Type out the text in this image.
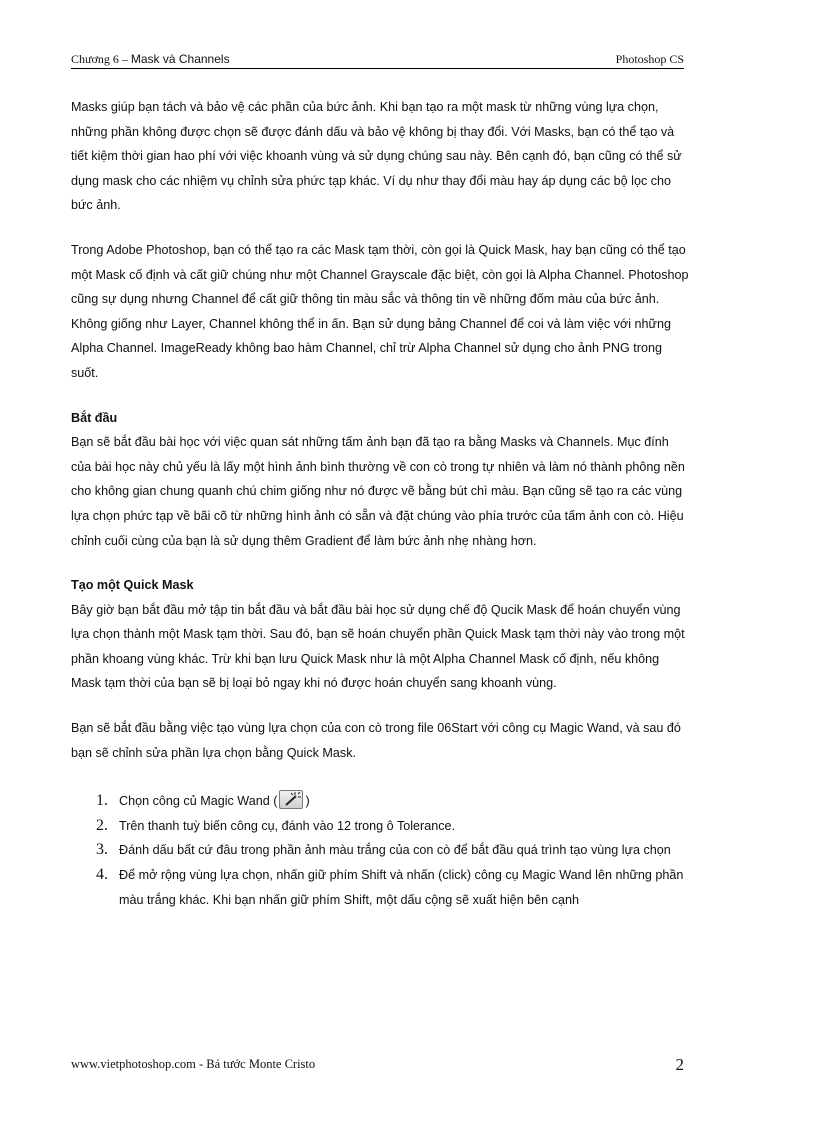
Chương 6 – Mask và Channels	Photoshop CS

Masks giúp bạn tách và bảo vệ các phần của bức ảnh. Khi bạn tạo ra một mask từ những vùng lựa chọn, những phần không được chọn sẽ được đánh dấu và bảo vệ không bị thay đổi. Với Masks, bạn có thể tạo và tiết kiệm thời gian hao phí với việc khoanh vùng và sử dụng chúng sau này. Bên cạnh đó, bạn cũng có thể sử dụng mask cho các nhiệm vụ chỉnh sửa phức tạp khác. Ví dụ như thay đổi màu hay áp dụng các bộ lọc cho bức ảnh.

Trong Adobe Photoshop, bạn có thể tạo ra các Mask tạm thời, còn gọi là Quick Mask, hay bạn cũng có thể tạo một Mask cố định và cất giữ chúng như một Channel Grayscale đặc biệt, còn gọi là Alpha Channel. Photoshop cũng sự dụng nhưng Channel để cất giữ thông tin màu sắc và thông tin về những đốm màu của bức ảnh. Không giống như Layer, Channel không thể in ấn. Bạn sử dụng bảng Channel để coi và làm việc với những Alpha Channel. ImageReady không bao hàm Channel, chỉ trừ Alpha Channel sử dụng cho ảnh PNG trong suốt.

Bắt đầu

Bạn sẽ bắt đầu bài học với việc quan sát những tấm ảnh bạn đã tạo ra bằng Masks và Channels. Mục đính của bài học này chủ yếu là lấy một hình ảnh bình thường về con cò trong tự nhiên và làm nó thành phông nền cho không gian chung quanh chú chim giống như nó được vẽ bằng bút chì màu. Bạn cũng sẽ tạo ra các vùng lựa chọn phức tạp về bãi cõ từ những hình ảnh có sẵn và đặt chúng vào phía trước của tấm ảnh con cò. Hiệu chỉnh cuối cùng của bạn là sử dụng thêm Gradient để làm bức ảnh nhẹ nhàng hơn.

Tạo một Quick Mask

Bây giờ bạn bắt đầu mở tập tin bắt đầu và bắt đầu bài học sử dụng chế độ Qucik Mask để hoán chuyển vùng lựa chọn thành một Mask tạm thời. Sau đó, bạn sẽ hoán chuyển phần Quick Mask tạm thời này vào trong một phần khoang vùng khác. Trừ khi bạn lưu Quick Mask như là một Alpha Channel Mask cố định, nếu không Mask tạm thời của bạn sẽ bị loại bỏ ngay khi nó được hoán chuyển sang khoanh vùng.

Bạn sẽ bắt đầu bằng việc tạo vùng lựa chọn của con cò trong file 06Start với công cụ Magic Wand, và sau đó bạn sẽ chỉnh sửa phần lựa chọn bằng Quick Mask.

1. Chọn công củ Magic Wand ( )
2. Trên thanh tuỳ biến công cụ, đánh vào 12 trong ô Tolerance.
3. Đánh dấu bất cứ đâu trong phần ảnh màu trắng của con cò để bắt đầu quá trình tạo vùng lựa chọn
4. Để mở rộng vùng lựa chọn, nhấn giữ phím Shift và nhấn (click) công cụ Magic Wand lên những phần màu trắng khác. Khi bạn nhấn giữ phím Shift, một dấu cộng sẽ xuất hiện bên cạnh
www.vietphotoshop.com - Bá tước Monte Cristo	2
